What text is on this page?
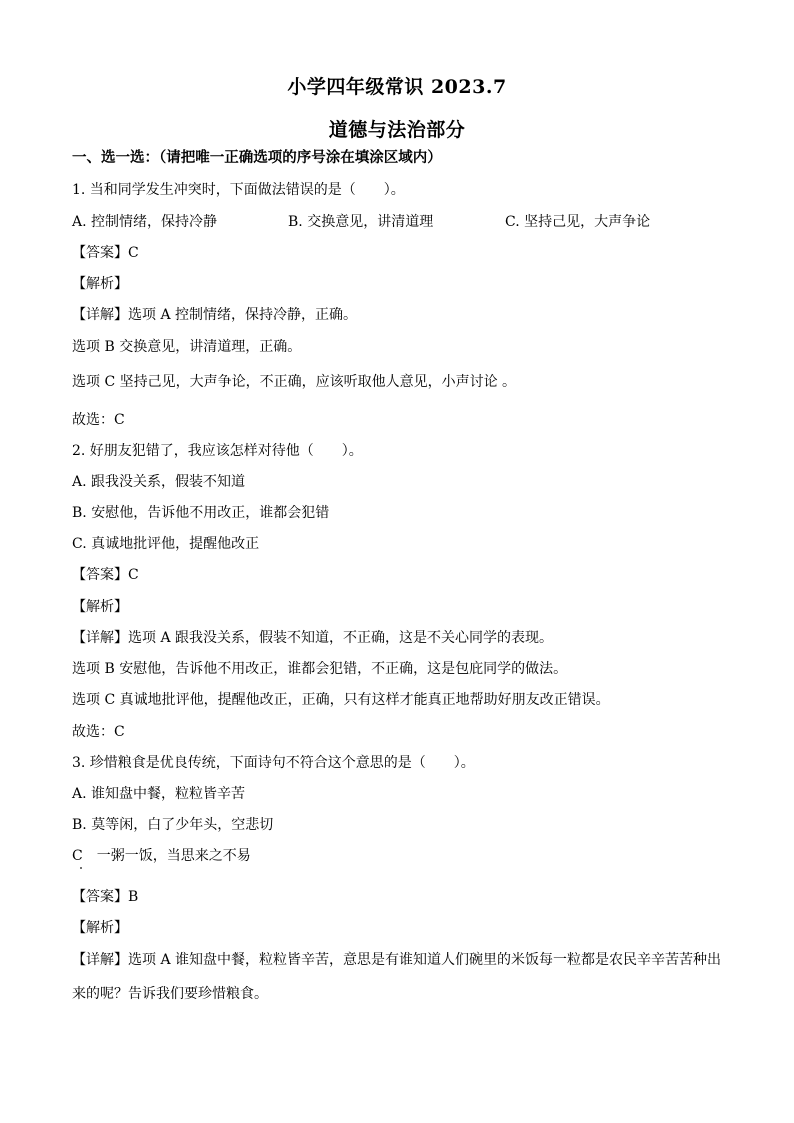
小学四年级常识 2023.7
道德与法治部分
一、选一选：（请把唯一正确选项的序号涂在填涂区域内）
1. 当和同学发生冲突时，下面做法错误的是（　　）。
A. 控制情绪，保持冷静	B. 交换意见，讲清道理	C. 坚持己见，大声争论
【答案】C
【解析】
【详解】选项 A 控制情绪，保持冷静，正确。
选项 B 交换意见，讲清道理，正确。
选项 C 坚持己见，大声争论，不正确，应该听取他人意见，小声讨论 。
故选：C
2. 好朋友犯错了，我应该怎样对待他（　　）。
A. 跟我没关系，假装不知道
B. 安慰他，告诉他不用改正，谁都会犯错
C. 真诚地批评他，提醒他改正
【答案】C
【解析】
【详解】选项 A 跟我没关系，假装不知道，不正确，这是不关心同学的表现。
选项 B 安慰他，告诉他不用改正，谁都会犯错，不正确，这是包庇同学的做法。
选项 C 真诚地批评他，提醒他改正，正确，只有这样才能真正地帮助好朋友改正错误。
故选：C
3. 珍惜粮食是优良传统，下面诗句不符合这个意思的是（　　）。
A. 谁知盘中餐，粒粒皆辛苦
B. 莫等闲，白了少年头，空悲切
C　一粥一饭，当思来之不易
【答案】B
【解析】
【详解】选项 A 谁知盘中餐，粒粒皆辛苦，意思是有谁知道人们碗里的米饭每一粒都是农民辛辛苦苦种出
来的呢？告诉我们要珍惜粮食。
